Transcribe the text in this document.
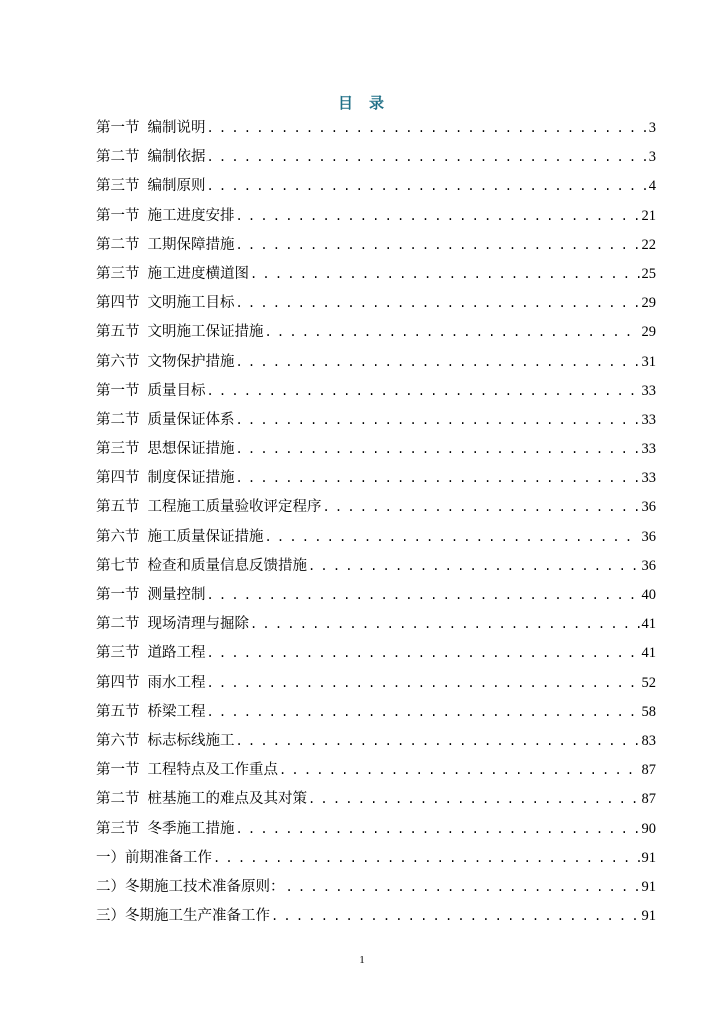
目 录
第一节 编制说明 .....	3
第二节 编制依据 .....	3
第三节 编制原则 .....	4
第一节 施工进度安排 .....	21
第二节 工期保障措施 .....	22
第三节 施工进度横道图 .....	25
第四节 文明施工目标 .....	29
第五节 文明施工保证措施 .....	29
第六节 文物保护措施 .....	31
第一节 质量目标 .....	33
第二节 质量保证体系 .....	33
第三节 思想保证措施 .....	33
第四节 制度保证措施 .....	33
第五节 工程施工质量验收评定程序 .....	36
第六节 施工质量保证措施 .....	36
第七节 检查和质量信息反馈措施 .....	36
第一节 测量控制 .....	40
第二节 现场清理与掘除 .....	41
第三节 道路工程 .....	41
第四节 雨水工程 .....	52
第五节 桥梁工程 .....	58
第六节 标志标线施工 .....	83
第一节 工程特点及工作重点 .....	87
第二节 桩基施工的难点及其对策 .....	87
第三节 冬季施工措施 .....	90
一）前期准备工作 .....	91
二）冬期施工技术准备原则： .....	91
三）冬期施工生产准备工作 .....	91
1
